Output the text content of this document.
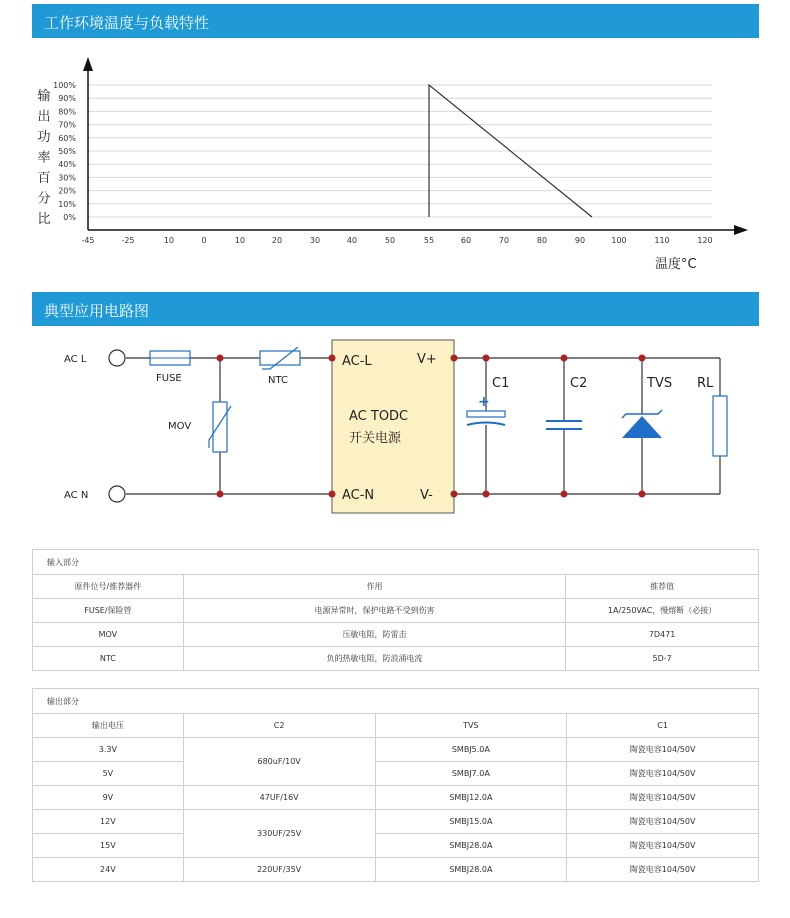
工作环境温度与负载特性
100%
90%
80%
70%
60%
50%
40%
30%
20%
10%
0%
-45	-25	10	0	10	20	30	40	50	55	60	70	80	90	100	110	120
输
出
功
率
百
分
比
温度°C
典型应用电路图
AC L
AC N
FUSE	NTC
MOV
AC-L	V+
AC TODC
开关电源
AC-N	V-
+
C1	C2	TVS RL
输入部分		
原件位号/推荐器件	作用	推荐值
FUSE/保险管	电源异常时，保护电路不受到伤害	1A/250VAC，慢熔断（必接）
MOV	压敏电阻，防雷击	7D471
NTC	负的热敏电阻，防浪涌电流	5D-7
输出部分			
输出电压	C2	TVS	C1
3.3V	680uF/10V	SMBJ5.0A	陶瓷电容104/50V
5V		SMBJ7.0A	陶瓷电容104/50V
9V	47UF/16V	SMBJ12.0A	陶瓷电容104/50V
12V	330UF/25V	SMBJ15.0A	陶瓷电容104/50V
15V		SMBJ28.0A	陶瓷电容104/50V
24V	220UF/35V	SMBJ28.0A	陶瓷电容104/50V
